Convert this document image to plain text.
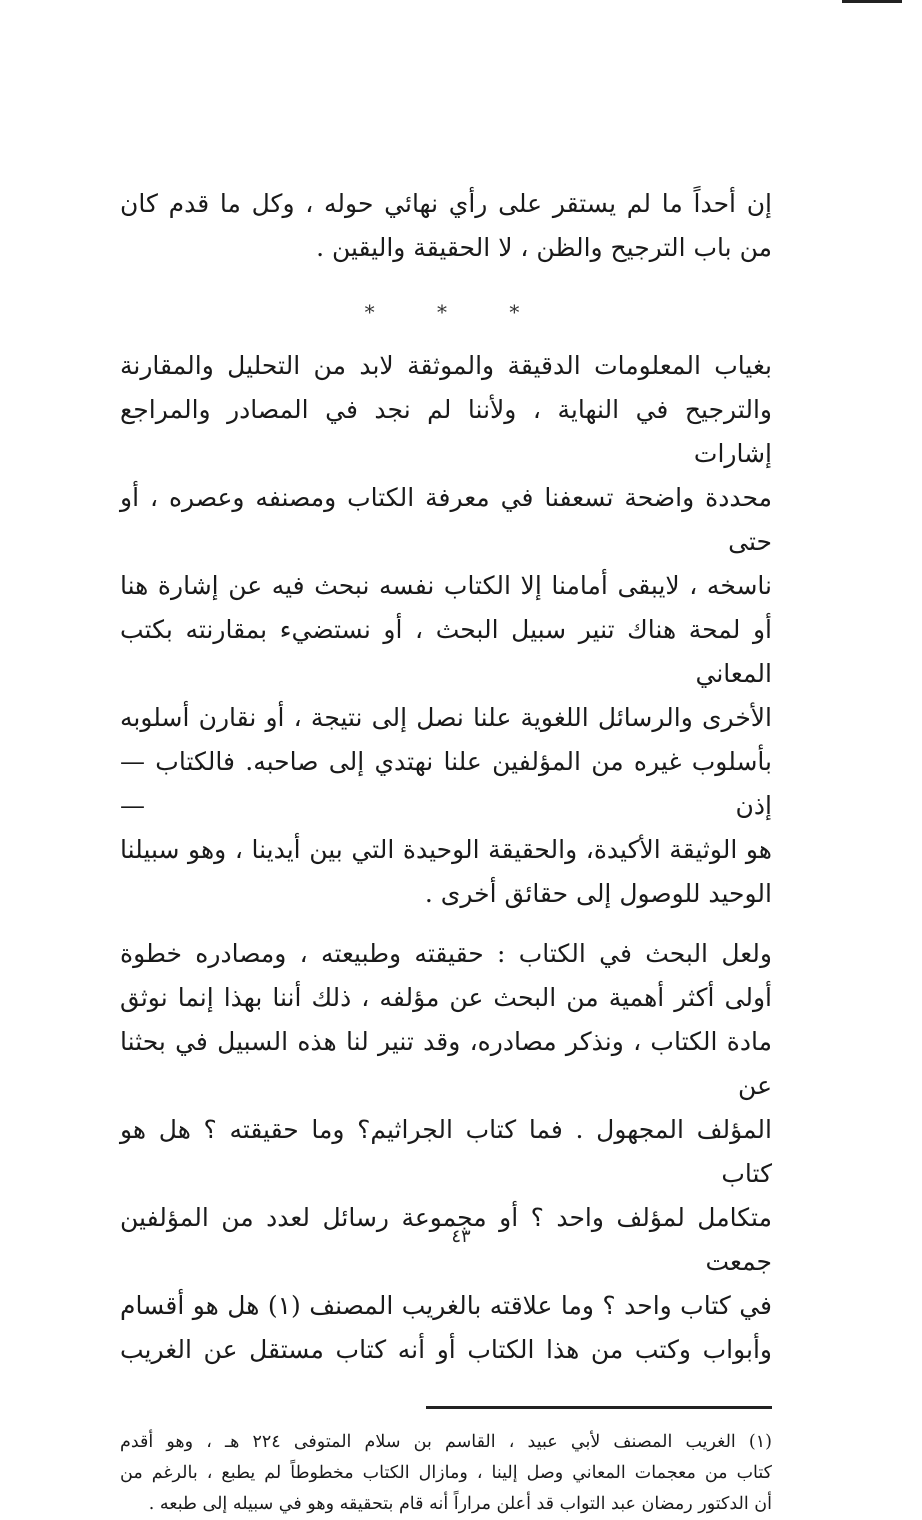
إن أحداً ما لم يستقر على رأي نهائي حوله ، وكل ما قدم كان
من باب الترجيح والظن ، لا الحقيقة واليقين .
* * *
بغياب المعلومات الدقيقة والموثقة لابد من التحليل والمقارنة
والترجيح في النهاية ، ولأننا لم نجد في المصادر والمراجع إشارات
محددة واضحة تسعفنا في معرفة الكتاب ومصنفه وعصره ، أو حتى
ناسخه ، لايبقى أمامنا إلا الكتاب نفسه نبحث فيه عن إشارة هنا
أو لمحة هناك تنير سبيل البحث ، أو نستضيء بمقارنته بكتب المعاني
الأخرى والرسائل اللغوية علنا نصل إلى نتيجة ، أو نقارن أسلوبه
بأسلوب غيره من المؤلفين علنا نهتدي إلى صاحبه. فالكتاب — إذن —
هو الوثيقة الأكيدة، والحقيقة الوحيدة التي بين أيدينا ، وهو سبيلنا
الوحيد للوصول إلى حقائق أخرى .
ولعل البحث في الكتاب : حقيقته وطبيعته ، ومصادره خطوة
أولى أكثر أهمية من البحث عن مؤلفه ، ذلك أننا بهذا إنما نوثق
مادة الكتاب ، ونذكر مصادره، وقد تنير لنا هذه السبيل في بحثنا عن
المؤلف المجهول . فما كتاب الجراثيم؟ وما حقيقته ؟ هل هو كتاب
متكامل لمؤلف واحد ؟ أو مجموعة رسائل لعدد من المؤلفين جمعت
في كتاب واحد ؟ وما علاقته بالغريب المصنف (١) هل هو أقسام
وأبواب وكتب من هذا الكتاب أو أنه كتاب مستقل عن الغريب
(١) الغريب المصنف لأبي عبيد ، القاسم بن سلام المتوفى ٢٢٤ هـ ، وهو أقدم
كتاب من معجمات المعاني وصل إلينا ، ومازال الكتاب مخطوطاً لم يطبع ، بالرغم من
أن الدكتور رمضان عبد التواب قد أعلن مراراً أنه قام بتحقيقه وهو في سبيله إلى طبعه .
٤٣
